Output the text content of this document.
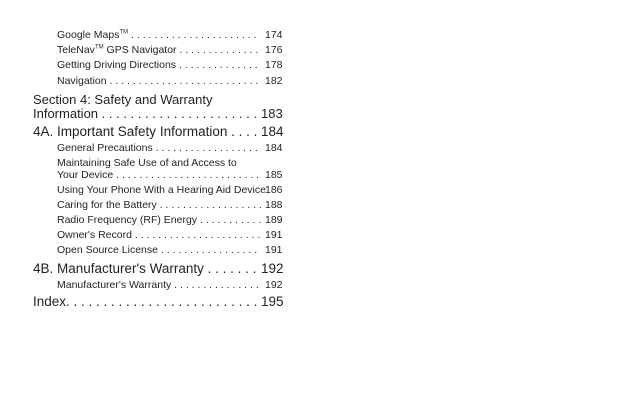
Google Maps™ . . . . . . . . . . . . . . . . . . . . . . 174
TeleNav™ GPS Navigator . . . . . . . . . . . . . . 176
Getting Driving Directions . . . . . . . . . . . . . . 178
Navigation . . . . . . . . . . . . . . . . . . . . . . . . . . 182
Section 4: Safety and Warranty
Information . . . . . . . . . . . . . . . . . . . . . . 183
4A. Important Safety Information . . . . 184
General Precautions . . . . . . . . . . . . . . . . . . 184
Maintaining Safe Use of and Access to
Your Device . . . . . . . . . . . . . . . . . . . . . . . . . 185
Using Your Phone With a Hearing Aid Device 186
Caring for the Battery . . . . . . . . . . . . . . . . . . 188
Radio Frequency (RF) Energy . . . . . . . . . . . 189
Owner's Record . . . . . . . . . . . . . . . . . . . . . . 191
Open Source License . . . . . . . . . . . . . . . . . 191
4B. Manufacturer's Warranty . . . . . . . 192
Manufacturer's Warranty . . . . . . . . . . . . . . . 192
Index. . . . . . . . . . . . . . . . . . . . . . . . . . 195
